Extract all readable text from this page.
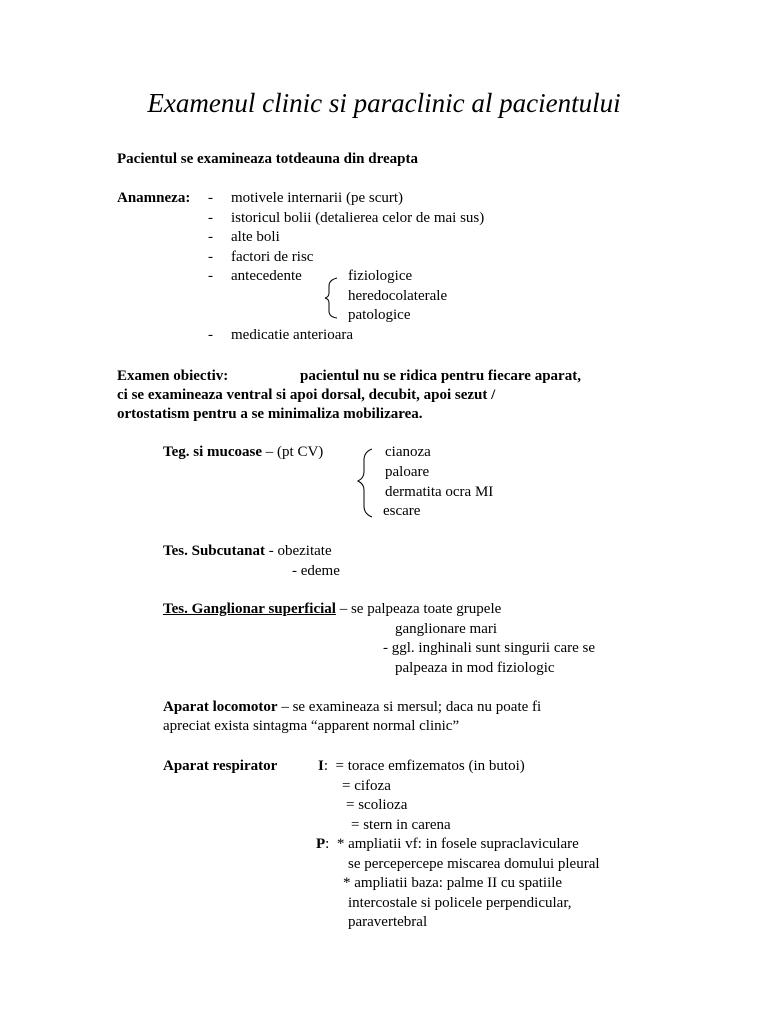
Examenul clinic si paraclinic al pacientului
Pacientul se examineaza totdeauna din dreapta
Anamneza: - motivele internarii (pe scurt)
- istoricul bolii (detalierea celor de mai sus)
- alte boli
- factori de risc
- antecedente	fiziologice
heredocolaterale
patologice
- medicatie anterioara
Examen obiectiv:	pacientul nu se ridica pentru fiecare aparat,
ci se examineaza ventral si apoi dorsal, decubit, apoi sezut /
ortostatism pentru a se minimaliza mobilizarea.
Teg. si mucoase – (pt CV)	cianoza
paloare
dermatita ocra MI
escare
Tes. Subcutanat - obezitate
- edeme
Tes. Ganglionar superficial – se palpeaza toate grupele
ganglionare mari
- ggl. inghinali sunt singurii care se
palpeaza in mod fiziologic
Aparat locomotor – se examineaza si mersul; daca nu poate fi
apreciat exista sintagma “apparent normal clinic”
Aparat respirator	I:  = torace emfizematos (in butoi)
= cifoza
= scolioza
= stern in carena
P:  * ampliatii vf: in fosele supraclaviculare
se percepercepe miscarea domului pleural
* ampliatii baza: palme II cu spatiile
intercostale si policele perpendicular,
paravertebral
